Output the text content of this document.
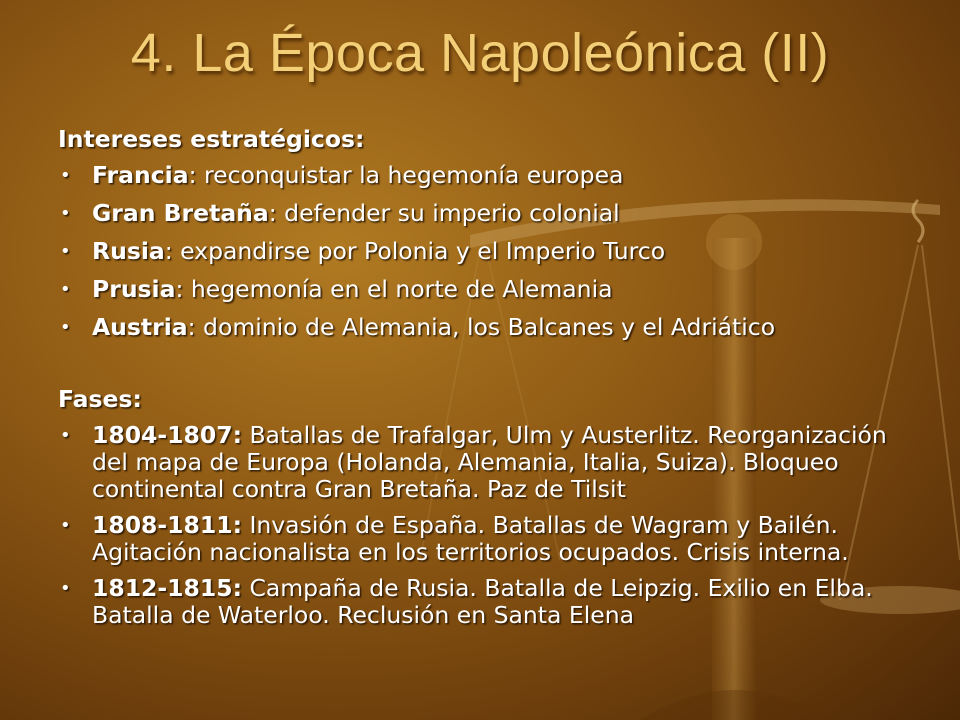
4. La Época Napoleónica (II)
Intereses estratégicos:
• Francia: reconquistar la hegemonía europea
• Gran Bretaña: defender su imperio colonial
• Rusia: expandirse por Polonia y el Imperio Turco
• Prusia: hegemonía en el norte de Alemania
• Austria: dominio de Alemania, los Balcanes y el Adriático
Fases:
• 1804-1807: Batallas de Trafalgar, Ulm y Austerlitz. Reorganización del mapa de Europa (Holanda, Alemania, Italia, Suiza). Bloqueo continental contra Gran Bretaña. Paz de Tilsit
• 1808-1811: Invasión de España. Batallas de Wagram y Bailén. Agitación nacionalista en los territorios ocupados. Crisis interna.
• 1812-1815: Campaña de Rusia. Batalla de Leipzig. Exilio en Elba. Batalla de Waterloo. Reclusión en Santa Elena
